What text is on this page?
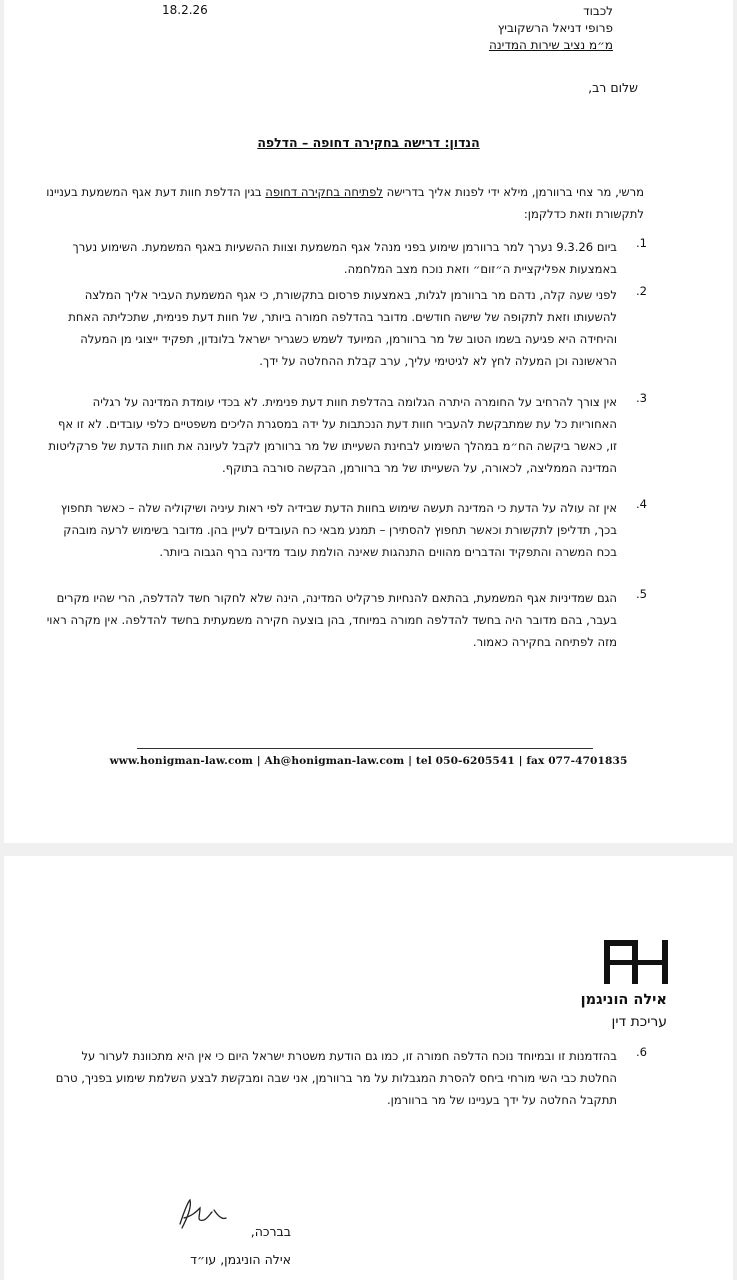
18.2.26	לכבוד
פרופי דניאל הרשקוביץ
מ״מ נציב שירות המדינה
שלום רב,
הנדון: דרישה בחקירה דחופה – הדלפה
מרשי, מר צחי ברוורמן, מילא ידי לפנות אליך בדרישה לפתיחה בחקירה דחופה בגין הדלפת חוות דעת אגף המשמעת בעניינו לתקשורת וזאת כדלקמן:
.1
ביום 9.3.26 נערך למר ברוורמן שימוע בפני מנהל אגף המשמעת וצוות ההשעיות באגף המשמעת. השימוע נערך באמצעות אפליקציית ה״זום״ וזאת נוכח מצב המלחמה.
.2
לפני שעה קלה, נדהם מר ברוורמן לגלות, באמצעות פרסום בתקשורת, כי אגף המשמעת העביר אליך המלצה להשעותו וזאת לתקופה של שישה חודשים. מדובר בהדלפה חמורה ביותר, של חוות דעת פנימית, שתכליתה האחת והיחידה היא פגיעה בשמו הטוב של מר ברוורמן, המיועד לשמש כשגריר ישראל בלונדון, תפקיד ייצוגי מן המעלה הראשונה וכן המעלה לחץ לא לגיטימי עליך, ערב קבלת ההחלטה על ידך.
.3
אין צורך להרחיב על החומרה היתרה הגלומה בהדלפת חוות דעת פנימית. לא בכדי עומדת המדינה על רגליה האחוריות כל עת שמתבקשת להעביר חוות דעת הנכתבות על ידה במסגרת הליכים משפטיים כלפי עובדים. לא זו אף זו, כאשר ביקשה הח״מ במהלך השימוע לבחינת השעייתו של מר ברוורמן לקבל לעיונה את חוות הדעת של פרקליטות המדינה הממליצה, לכאורה, על השעייתו של מר ברוורמן, הבקשה סורבה בתוקף.
.4
אין זה עולה על הדעת כי המדינה תעשה שימוש בחוות הדעת שבידיה לפי ראות עיניה ושיקוליה שלה – כאשר תחפוץ בכך, תדליפן לתקשורת וכאשר תחפוץ להסתירן – תמנע מבאי כח העובדים לעיין בהן. מדובר בשימוש לרעה מובהק בכח המשרה והתפקיד והדברים מהווים התנהגות שאינה הולמת עובד מדינה ברף הגבוה ביותר.
.5
הגם שמדיניות אגף המשמעת, בהתאם להנחיות פרקליט המדינה, הינה שלא לחקור חשד להדלפה, הרי שהיו מקרים בעבר, בהם מדובר היה בחשד להדלפה חמורה במיוחד, בהן בוצעה חקירה משמעתית בחשד להדלפה. אין מקרה ראוי מזה לפתיחה בחקירה כאמור.
www.honigman-law.com | Ah@honigman-law.com | tel 050-6205541 | fax 077-4701835
אילה הוניגמן
עריכת דין
.6
בהזדמנות זו ובמיוחד נוכח הדלפה חמורה זו, כמו גם הודעת משטרת ישראל היום כי אין היא מתכוונת לערור על החלטת כבי השי מורחי ביחס להסרת המגבלות על מר ברוורמן, אני שבה ומבקשת לבצע השלמת שימוע בפניך, טרם תתקבל החלטה על ידך בעניינו של מר ברוורמן.
בברכה,
אילה הוניגמן, עו״ד
